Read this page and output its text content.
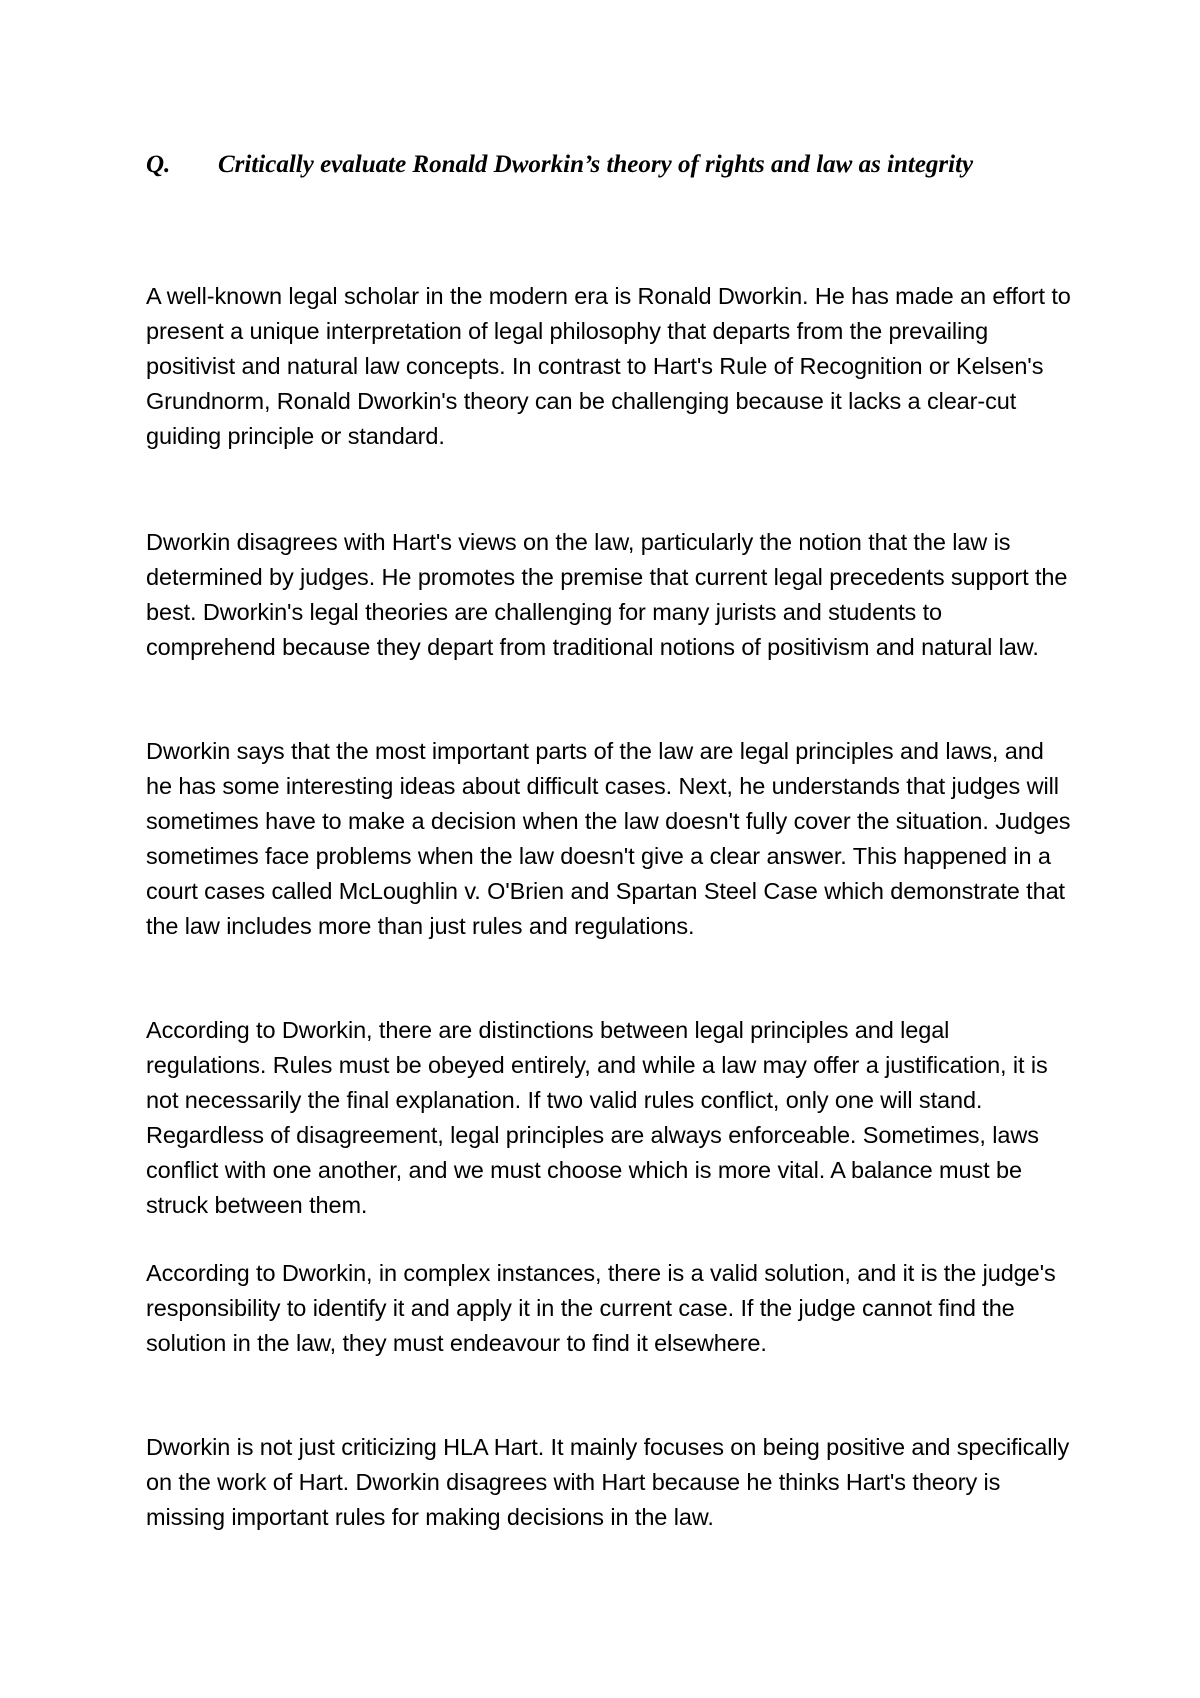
Q. Critically evaluate Ronald Dworkin’s theory of rights and law as integrity

A well-known legal scholar in the modern era is Ronald Dworkin. He has made an effort to present a unique interpretation of legal philosophy that departs from the prevailing positivist and natural law concepts. In contrast to Hart's Rule of Recognition or Kelsen's Grundnorm, Ronald Dworkin's theory can be challenging because it lacks a clear-cut guiding principle or standard.

Dworkin disagrees with Hart's views on the law, particularly the notion that the law is determined by judges. He promotes the premise that current legal precedents support the best. Dworkin's legal theories are challenging for many jurists and students to comprehend because they depart from traditional notions of positivism and natural law.

Dworkin says that the most important parts of the law are legal principles and laws, and he has some interesting ideas about difficult cases. Next, he understands that judges will sometimes have to make a decision when the law doesn't fully cover the situation. Judges sometimes face problems when the law doesn't give a clear answer. This happened in a court cases called McLoughlin v. O'Brien and Spartan Steel Case which demonstrate that the law includes more than just rules and regulations.

According to Dworkin, there are distinctions between legal principles and legal regulations. Rules must be obeyed entirely, and while a law may offer a justification, it is not necessarily the final explanation. If two valid rules conflict, only one will stand. Regardless of disagreement, legal principles are always enforceable. Sometimes, laws conflict with one another, and we must choose which is more vital. A balance must be struck between them.

According to Dworkin, in complex instances, there is a valid solution, and it is the judge's responsibility to identify it and apply it in the current case. If the judge cannot find the solution in the law, they must endeavour to find it elsewhere.

Dworkin is not just criticizing HLA Hart. It mainly focuses on being positive and specifically on the work of Hart. Dworkin disagrees with Hart because he thinks Hart's theory is missing important rules for making decisions in the law.
